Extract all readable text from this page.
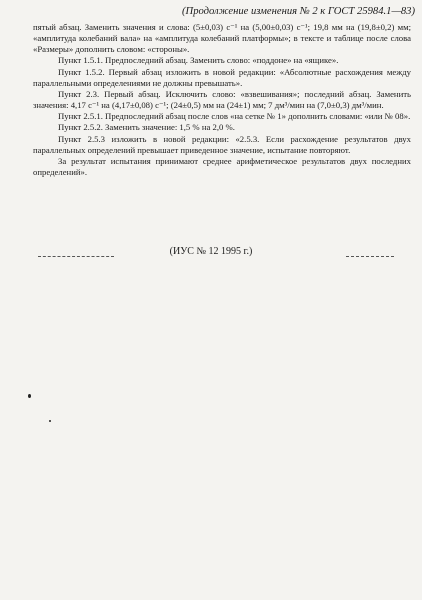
(Продолжение изменения № 2 к ГОСТ 25984.1—83)

пятый абзац. Заменить значения и слова: (5±0,03) с⁻¹ на (5,00±0,03) с⁻¹; 19,8 мм на (19,8±0,2) мм; «амплитуда колебаний вала» на «амплитуда колебаний платформы»; в тексте и таблице после слова «Размеры» дополнить словом: «стороны».

Пункт 1.5.1. Предпоследний абзац. Заменить слово: «поддоне» на «ящике».

Пункт 1.5.2. Первый абзац изложить в новой редакции: «Абсолютные расхождения между параллельными определениями не должны превышать».

Пункт 2.3. Первый абзац. Исключить слово: «взвешивания»; последний абзац. Заменить значения: 4,17 с⁻¹ на (4,17±0,08) с⁻¹; (24±0,5) мм на (24±1) мм; 7 дм³/мин на (7,0±0,3) дм³/мин.

Пункт 2.5.1. Предпоследний абзац после слов «на сетке № 1» дополнить словами: «или № 08».

Пункт 2.5.2. Заменить значение: 1,5 % на 2,0 %.

Пункт 2.5.3 изложить в новой редакции: «2.5.3. Если расхождение результатов двух параллельных определений превышает приведенное значение, испытание повторяют.

За результат испытания принимают среднее арифметическое результатов двух последних определений».

(ИУС № 12 1995 г.)
